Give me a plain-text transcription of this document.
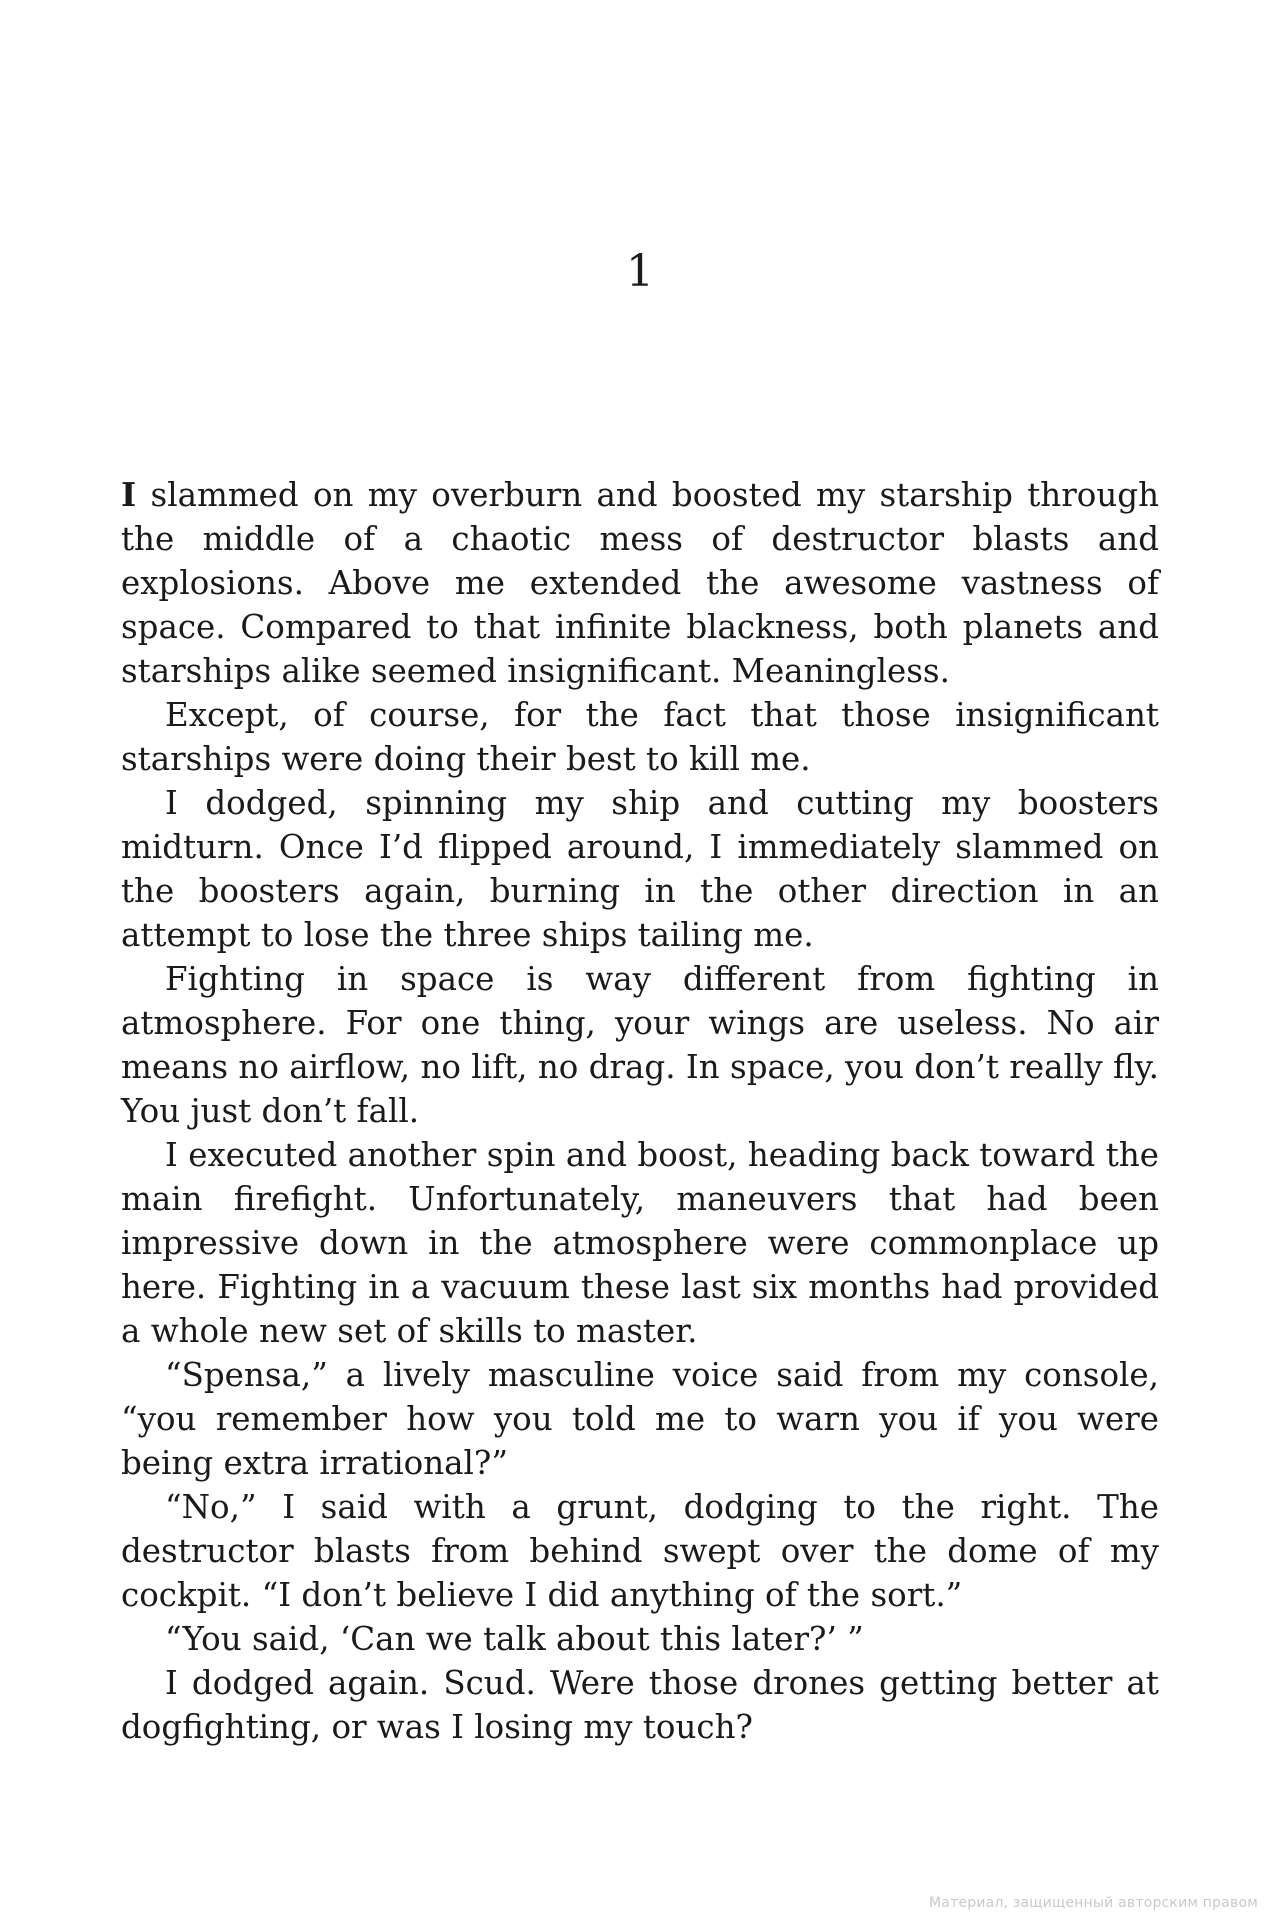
1

I slammed on my overburn and boosted my starship through the middle of a chaotic mess of destructor blasts and explosions. Above me extended the awesome vastness of space. Compared to that infinite blackness, both planets and starships alike seemed insignificant. Meaningless.

Except, of course, for the fact that those insignificant starships were doing their best to kill me.

I dodged, spinning my ship and cutting my boosters midturn. Once I’d flipped around, I immediately slammed on the boosters again, burning in the other direction in an attempt to lose the three ships tailing me.

Fighting in space is way different from fighting in atmosphere. For one thing, your wings are useless. No air means no airflow, no lift, no drag. In space, you don’t really fly. You just don’t fall.

I executed another spin and boost, heading back toward the main firefight. Unfortunately, maneuvers that had been impressive down in the atmosphere were commonplace up here. Fighting in a vacuum these last six months had provided a whole new set of skills to master.

“Spensa,” a lively masculine voice said from my console, “you remember how you told me to warn you if you were being extra irrational?”

“No,” I said with a grunt, dodging to the right. The destructor blasts from behind swept over the dome of my cockpit. “I don’t believe I did anything of the sort.”

“You said, ‘Can we talk about this later?’ ”

I dodged again. Scud. Were those drones getting better at dogfighting, or was I losing my touch?

Материал, защищенный авторским правом
